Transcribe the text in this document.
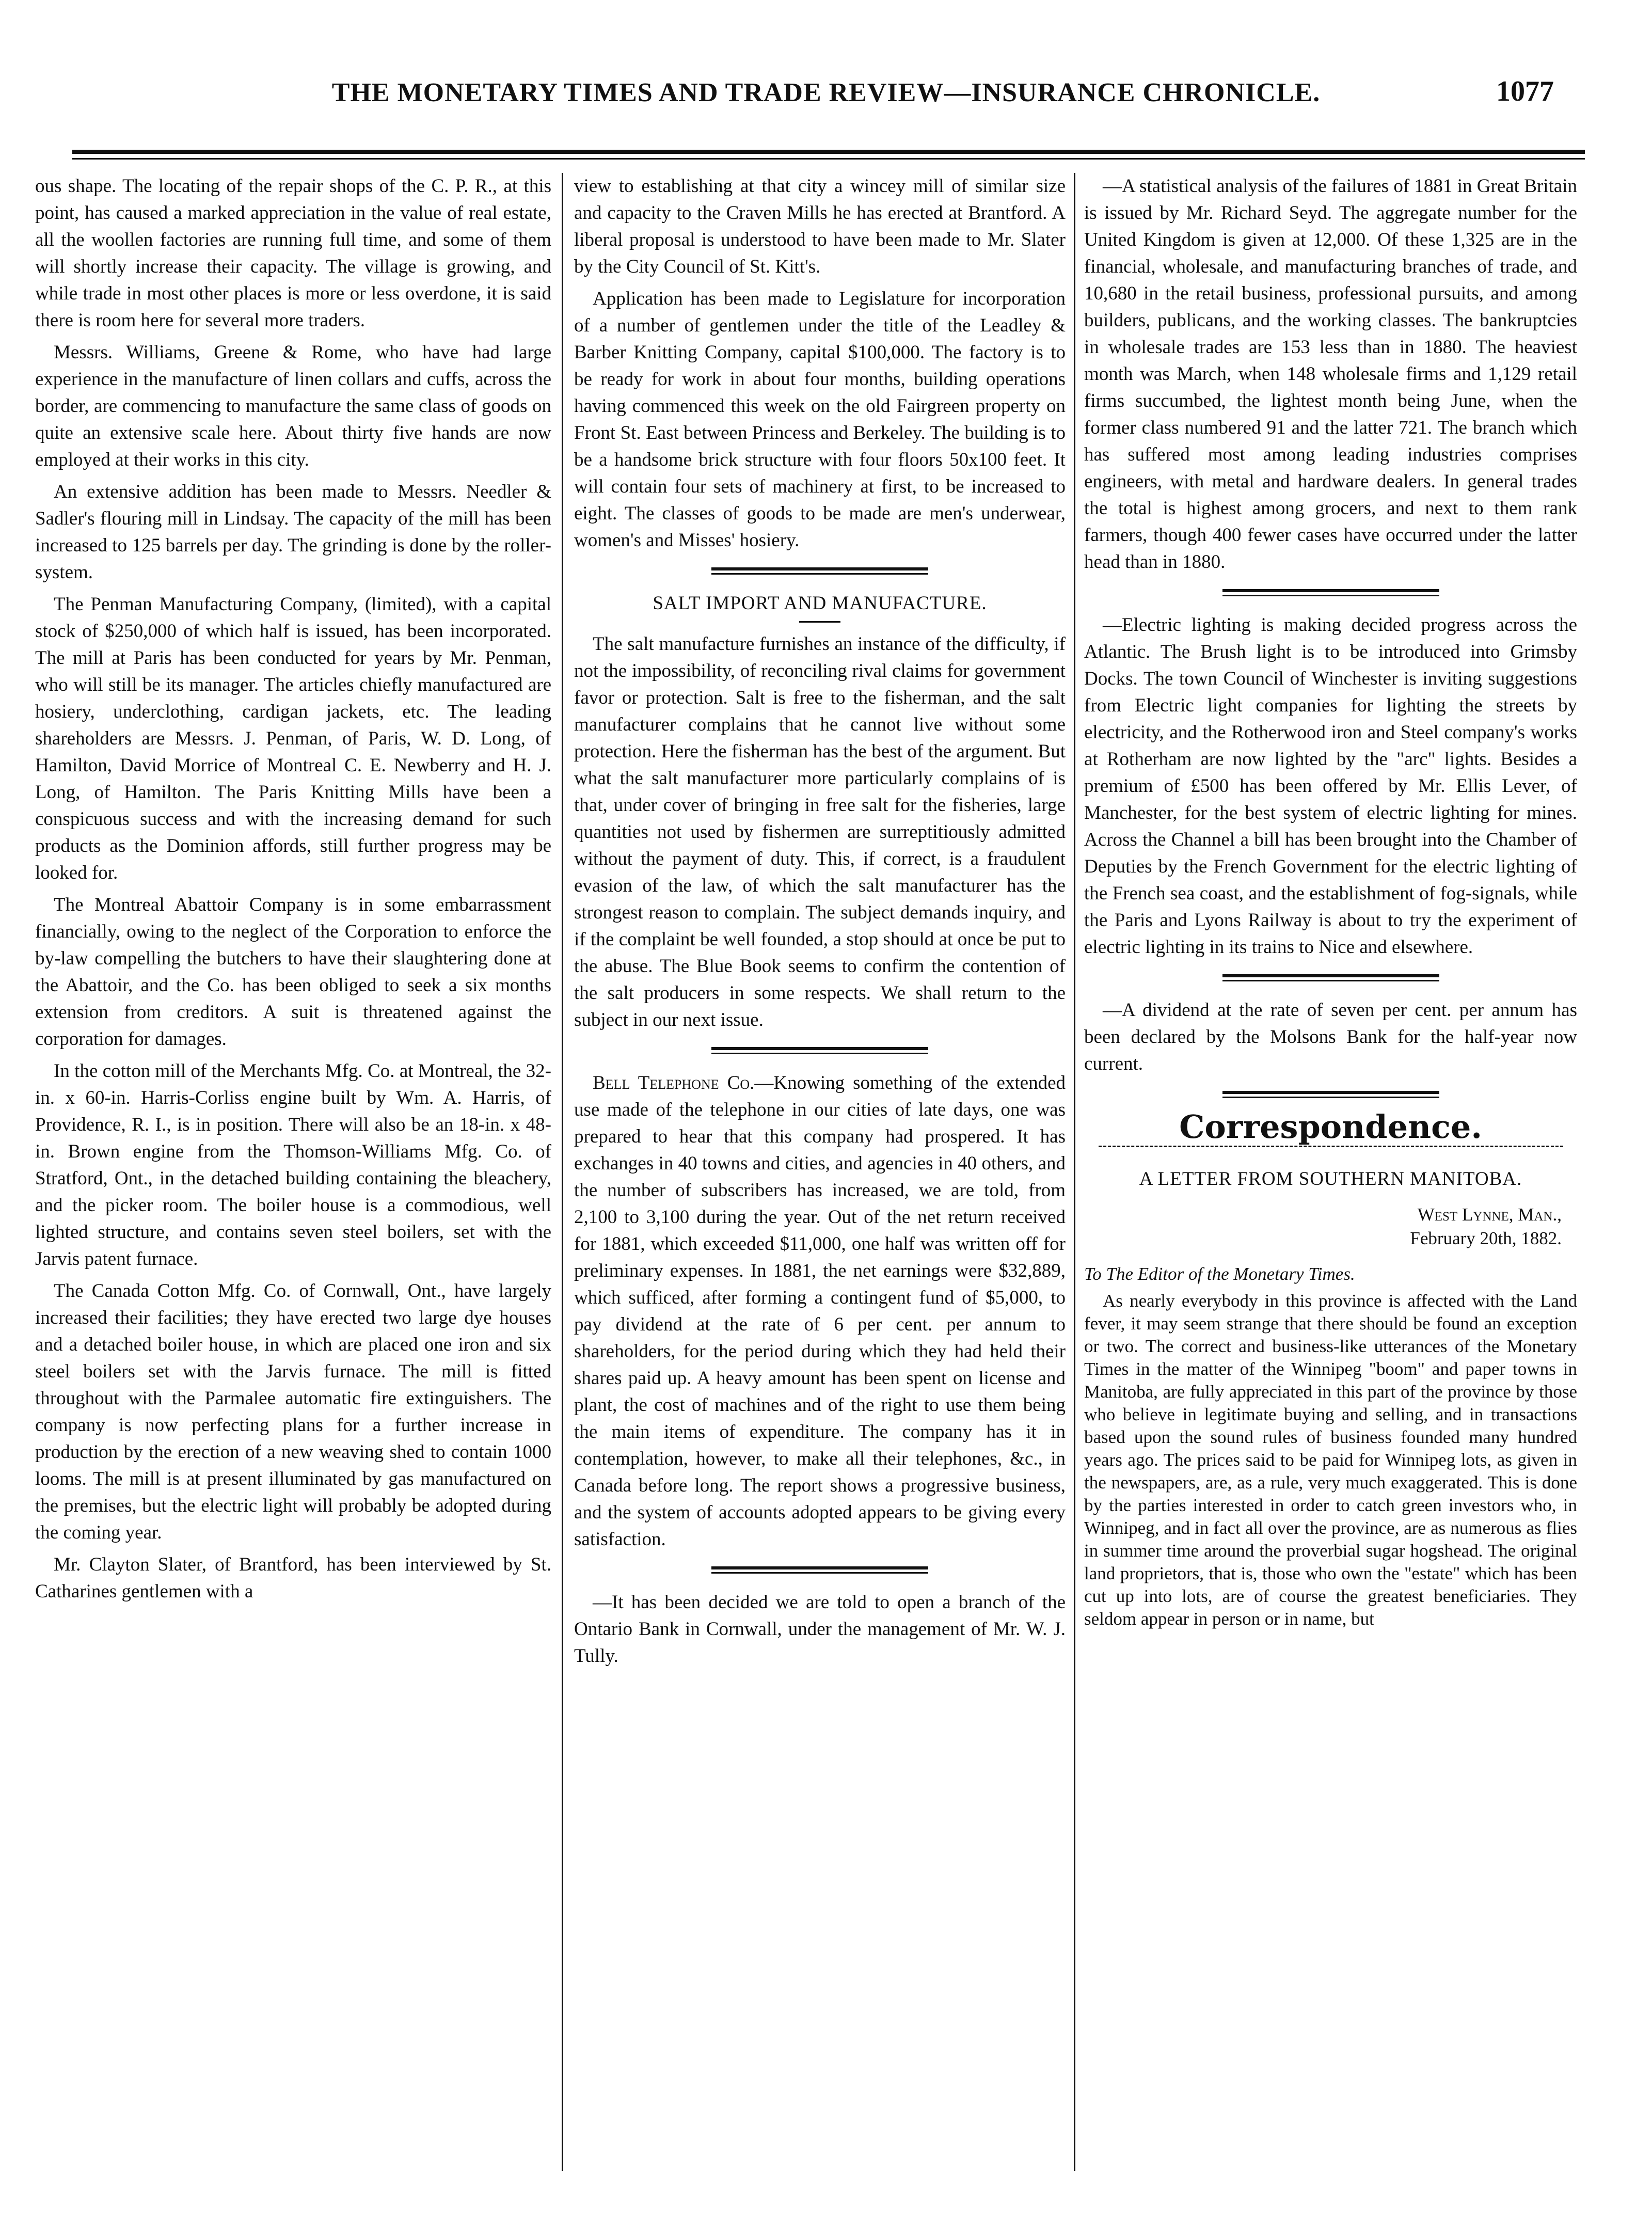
THE MONETARY TIMES AND TRADE REVIEW—INSURANCE CHRONICLE.	1077

ous shape. The locating of the repair shops of the C. P. R., at this point, has caused a marked appreciation in the value of real estate, all the woollen factories are running full time, and some of them will shortly increase their capacity. The village is growing, and while trade in most other places is more or less overdone, it is said there is room here for several more traders.

Messrs. Williams, Greene & Rome, who have had large experience in the manufacture of linen collars and cuffs, across the border, are commencing to manufacture the same class of goods on quite an extensive scale here. About thirty five hands are now employed at their works in this city.

An extensive addition has been made to Messrs. Needler & Sadler's flouring mill in Lindsay. The capacity of the mill has been increased to 125 barrels per day. The grinding is done by the roller-system.

The Penman Manufacturing Company, (limited), with a capital stock of $250,000 of which half is issued, has been incorporated. The mill at Paris has been conducted for years by Mr. Penman, who will still be its manager. The articles chiefly manufactured are hosiery, underclothing, cardigan jackets, etc. The leading shareholders are Messrs. J. Penman, of Paris, W. D. Long, of Hamilton, David Morrice of Montreal C. E. Newberry and H. J. Long, of Hamilton. The Paris Knitting Mills have been a conspicuous success and with the increasing demand for such products as the Dominion affords, still further progress may be looked for.

The Montreal Abattoir Company is in some embarrassment financially, owing to the neglect of the Corporation to enforce the by-law compelling the butchers to have their slaughtering done at the Abattoir, and the Co. has been obliged to seek a six months extension from creditors. A suit is threatened against the corporation for damages.

In the cotton mill of the Merchants Mfg. Co. at Montreal, the 32-in. x 60-in. Harris-Corliss engine built by Wm. A. Harris, of Providence, R. I., is in position. There will also be an 18-in. x 48-in. Brown engine from the Thomson-Williams Mfg. Co. of Stratford, Ont., in the detached building containing the bleachery, and the picker room. The boiler house is a commodious, well lighted structure, and contains seven steel boilers, set with the Jarvis patent furnace.

The Canada Cotton Mfg. Co. of Cornwall, Ont., have largely increased their facilities; they have erected two large dye houses and a detached boiler house, in which are placed one iron and six steel boilers set with the Jarvis furnace. The mill is fitted throughout with the Parmalee automatic fire extinguishers. The company is now perfecting plans for a further increase in production by the erection of a new weaving shed to contain 1000 looms. The mill is at present illuminated by gas manufactured on the premises, but the electric light will probably be adopted during the coming year.

Mr. Clayton Slater, of Brantford, has been interviewed by St. Catharines gentlemen with a

view to establishing at that city a wincey mill of similar size and capacity to the Craven Mills he has erected at Brantford. A liberal proposal is understood to have been made to Mr. Slater by the City Council of St. Kitt's.

Application has been made to Legislature for incorporation of a number of gentlemen under the title of the Leadley & Barber Knitting Company, capital $100,000. The factory is to be ready for work in about four months, building operations having commenced this week on the old Fairgreen property on Front St. East between Princess and Berkeley. The building is to be a handsome brick structure with four floors 50x100 feet. It will contain four sets of machinery at first, to be increased to eight. The classes of goods to be made are men's underwear, women's and Misses' hosiery.

SALT IMPORT AND MANUFACTURE.

The salt manufacture furnishes an instance of the difficulty, if not the impossibility, of reconciling rival claims for government favor or protection. Salt is free to the fisherman, and the salt manufacturer complains that he cannot live without some protection. Here the fisherman has the best of the argument. But what the salt manufacturer more particularly complains of is that, under cover of bringing in free salt for the fisheries, large quantities not used by fishermen are surreptitiously admitted without the payment of duty. This, if correct, is a fraudulent evasion of the law, of which the salt manufacturer has the strongest reason to complain. The subject demands inquiry, and if the complaint be well founded, a stop should at once be put to the abuse. The Blue Book seems to confirm the contention of the salt producers in some respects. We shall return to the subject in our next issue.

Bell Telephone Co.—Knowing something of the extended use made of the telephone in our cities of late days, one was prepared to hear that this company had prospered. It has exchanges in 40 towns and cities, and agencies in 40 others, and the number of subscribers has increased, we are told, from 2,100 to 3,100 during the year. Out of the net return received for 1881, which exceeded $11,000, one half was written off for preliminary expenses. In 1881, the net earnings were $32,889, which sufficed, after forming a contingent fund of $5,000, to pay dividend at the rate of 6 per cent. per annum to shareholders, for the period during which they had held their shares paid up. A heavy amount has been spent on license and plant, the cost of machines and of the right to use them being the main items of expenditure. The company has it in contemplation, however, to make all their telephones, &c., in Canada before long. The report shows a progressive business, and the system of accounts adopted appears to be giving every satisfaction.

—It has been decided we are told to open a branch of the Ontario Bank in Cornwall, under the management of Mr. W. J. Tully.

—A statistical analysis of the failures of 1881 in Great Britain is issued by Mr. Richard Seyd. The aggregate number for the United Kingdom is given at 12,000. Of these 1,325 are in the financial, wholesale, and manufacturing branches of trade, and 10,680 in the retail business, professional pursuits, and among builders, publicans, and the working classes. The bankruptcies in wholesale trades are 153 less than in 1880. The heaviest month was March, when 148 wholesale firms and 1,129 retail firms succumbed, the lightest month being June, when the former class numbered 91 and the latter 721. The branch which has suffered most among leading industries comprises engineers, with metal and hardware dealers. In general trades the total is highest among grocers, and next to them rank farmers, though 400 fewer cases have occurred under the latter head than in 1880.

—Electric lighting is making decided progress across the Atlantic. The Brush light is to be introduced into Grimsby Docks. The town Council of Winchester is inviting suggestions from Electric light companies for lighting the streets by electricity, and the Rotherwood iron and Steel company's works at Rotherham are now lighted by the "arc" lights. Besides a premium of £500 has been offered by Mr. Ellis Lever, of Manchester, for the best system of electric lighting for mines. Across the Channel a bill has been brought into the Chamber of Deputies by the French Government for the electric lighting of the French sea coast, and the establishment of fog-signals, while the Paris and Lyons Railway is about to try the experiment of electric lighting in its trains to Nice and elsewhere.

—A dividend at the rate of seven per cent. per annum has been declared by the Molsons Bank for the half-year now current.

Correspondence.
A LETTER FROM SOUTHERN MANITOBA.
West Lynne, Man.,
February 20th, 1882.
To The Editor of the Monetary Times.

As nearly everybody in this province is affected with the Land fever, it may seem strange that there should be found an exception or two. The correct and business-like utterances of the Monetary Times in the matter of the Winnipeg "boom" and paper towns in Manitoba, are fully appreciated in this part of the province by those who believe in legitimate buying and selling, and in transactions based upon the sound rules of business founded many hundred years ago. The prices said to be paid for Winnipeg lots, as given in the newspapers, are, as a rule, very much exaggerated. This is done by the parties interested in order to catch green investors who, in Winnipeg, and in fact all over the province, are as numerous as flies in summer time around the proverbial sugar hogshead. The original land proprietors, that is, those who own the "estate" which has been cut up into lots, are of course the greatest beneficiaries. They seldom appear in person or in name, but
